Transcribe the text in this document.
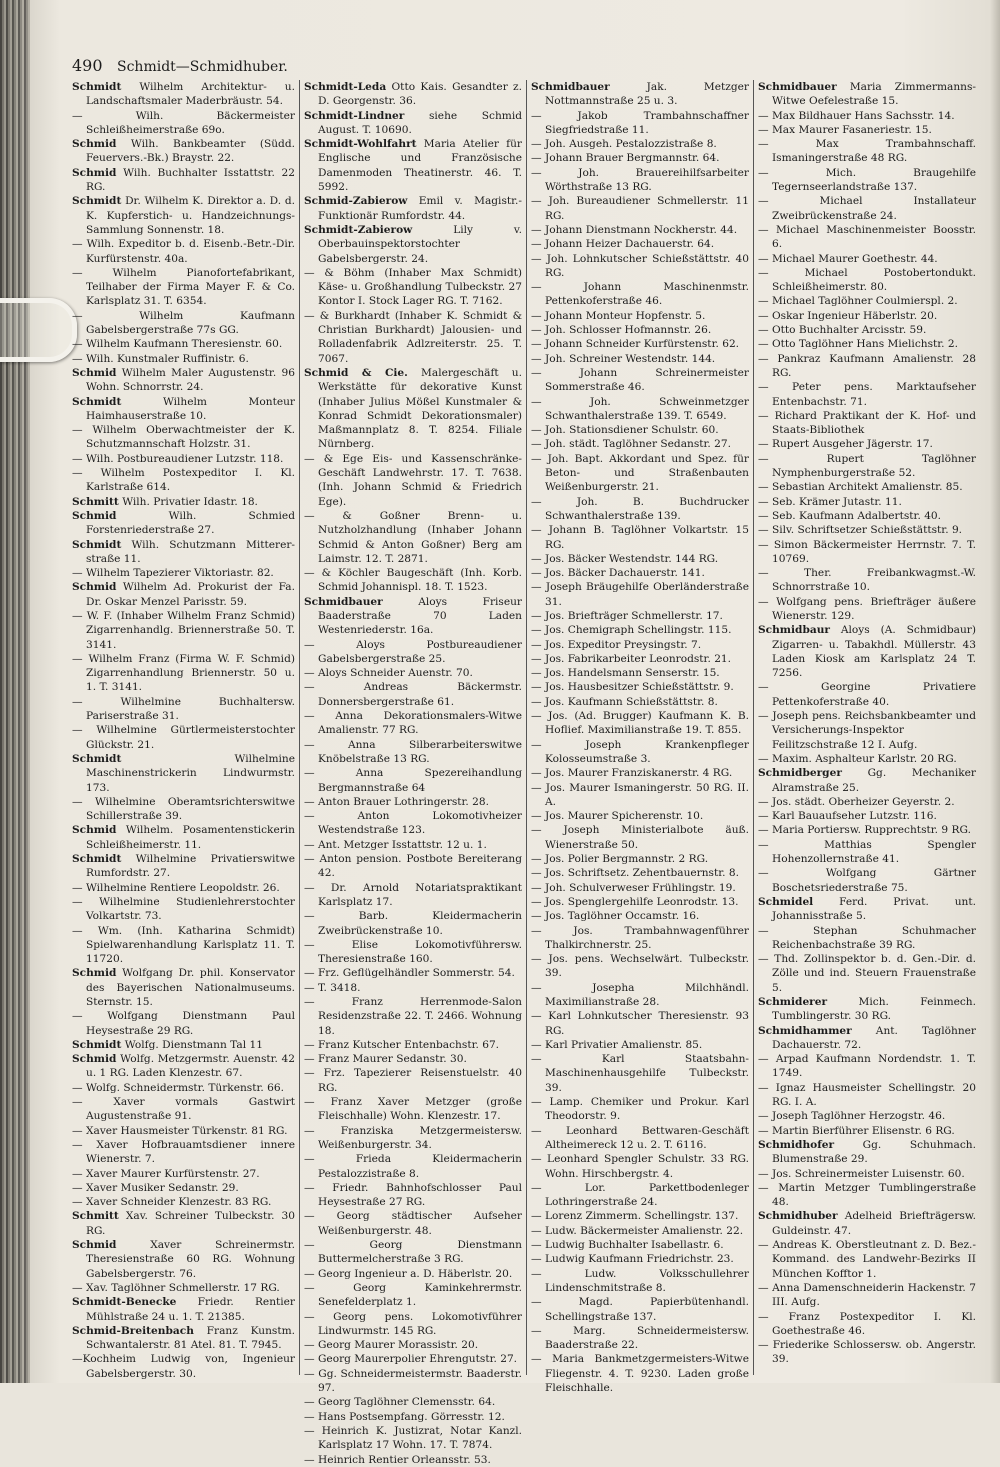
490 Schmidt—Schmidhuber.
Schmidt Wilhelm Architektur- u. Landschaftsmaler Maderbräustr. 54.
— Wilh. Bäckermeister Schleißheimerstraße 69o.
Schmid Wilh. Bankbeamter (Südd. Feuervers.-Bk.) Braystr. 22.
Schmid Wilh. Buchhalter Isstattstr. 22 RG.
Schmidt Dr. Wilhelm K. Direktor a. D. d. K. Kupferstich- u. Handzeichnungs-Sammlung Sonnenstr. 18.
— Wilh. Expeditor b. d. Eisenb.-Betr.-Dir. Kurfürstenstr. 40a.
— Wilhelm Pianofortefabrikant, Teilhaber der Firma Mayer F. & Co. Karlsplatz 31. T. 6354.
— Wilhelm Kaufmann Gabelsbergerstraße 77s GG.
— Wilhelm Kaufmann Theresienstr. 60.
— Wilh. Kunstmaler Ruffinistr. 6.
Schmid Wilhelm Maler Augustenstr. 96 Wohn. Schnorrstr. 24.
Schmidt	Wilhelm Monteur Haimhauserstraße 10.
— Wilhelm Oberwachtmeister der K. Schutzmannschaft Holzstr. 31.
— Wilh. Postbureaudiener Lutzstr. 118.
— Wilhelm Postexpeditor I. Kl. Karlstraße 614.
Schmitt Wilh. Privatier Idastr. 18.
Schmid	Wilh. Schmied Forstenriederstraße 27.
Schmidt Wilh. Schutzmann Mitterer-straße 11.
— Wilhelm Tapezierer Viktoriastr. 82.
Schmid Wilhelm Ad. Prokurist der Fa. Dr. Oskar Menzel Parisstr. 59.
— W. F. (Inhaber Wilhelm Franz Schmid) Zigarrenhandlg. Briennerstraße 50. T. 3141.
— Wilhelm Franz (Firma W. F. Schmid) Zigarrenhandlung Briennerstr. 50 u. 1. T. 3141.
— Wilhelmine Buchhaltersw. Pariserstraße 31.
— Wilhelmine Gürtlermeisterstochter Glückstr. 21.
Schmidt	Wilhelmine Maschinenstrickerin Lindwurmstr. 173.
— Wilhelmine Oberamtsrichterswitwe Schillerstraße 39.
Schmid Wilhelm. Posamentenstickerin Schleißheimerstr. 11.
Schmidt Wilhelmine Privatierswitwe Rumfordstr. 27.
— Wilhelmine Rentiere Leopoldstr. 26.
— Wilhelmine Studienlehrerstochter Volkartstr. 73.
— Wm. (Inh. Katharina Schmidt) Spielwarenhandlung Karlsplatz 11. T. 11720.
Schmid Wolfgang Dr. phil. Konservator des Bayerischen Nationalmuseums. Sternstr. 15.
— Wolfgang Dienstmann Paul Heysestraße 29 RG.
Schmidt Wolfg. Dienstmann Tal 11
Schmid Wolfg. Metzgermstr. Auenstr. 42 u. 1 RG. Laden Klenzestr. 67.
— Wolfg. Schneidermstr. Türkenstr. 66.
— Xaver vormals Gastwirt Augustenstraße 91.
— Xaver Hausmeister Türkenstr. 81 RG.
— Xaver Hofbrauamtsdiener innere Wienerstr. 7.
— Xaver Maurer Kurfürstenstr. 27.
— Xaver Musiker Sedanstr. 29.
— Xaver Schneider Klenzestr. 83 RG.
Schmitt Xav. Schreiner Tulbeckstr. 30 RG.
Schmid	Xaver Schreinermstr. Theresienstraße 60 RG. Wohnung Gabelsbergerstr. 76.
— Xav. Taglöhner Schmellerstr. 17 RG.
Schmidt-Benecke Friedr. Rentier Mühlstraße 24 u. 1. T. 21385.
Schmid-Breitenbach Franz Kunstm. Schwantalerstr. 81 Atel. 81. T. 7945.
—Kochheim Ludwig von, Ingenieur Gabelsbergerstr. 30.
Schmidt-Leda Otto Kais. Gesandter z. D. Georgenstr. 36.
Schmidt-Lindner siehe Schmid August. T. 10690.
Schmidt-Wohlfahrt Maria Atelier für Englische und Französische Damenmoden Theatinerstr. 46. T. 5992.
Schmid-Zabierow Emil v. Magistr.-Funktionär Rumfordstr. 44.
Schmidt-Zabierow	Lily v. Oberbauinspektorstochter Gabelsbergerstr. 24.
— & Böhm (Inhaber Max Schmidt) Käse- u. Großhandlung Tulbeckstr. 27 Kontor I. Stock Lager RG. T. 7162.
— & Burkhardt (Inhaber K. Schmidt & Christian Burkhardt) Jalousien- und Rolladenfabrik Adlzreiterstr. 25. T. 7067.
Schmid & Cie. Malergeschäft u. Werkstätte für dekorative Kunst (Inhaber Julius Mößel Kunstmaler & Konrad Schmidt Dekorationsmaler) Maßmannplatz 8. T. 8254. Filiale Nürnberg.
— & Ege Eis- und Kassenschränke-Geschäft Landwehrstr. 17. T. 7638. (Inh. Johann Schmid & Friedrich Ege).
— & Goßner Brenn- u. Nutzholzhandlung (Inhaber Johann Schmid & Anton Goßner) Berg am Laimstr. 12. T. 2871.
— & Köchler Baugeschäft (Inh. Korb. Schmid Johannispl. 18. T. 1523.
Schmidbauer	Aloys Friseur Baaderstraße 70 Laden Westenriederstr. 16a.
— Aloys Postbureaudiener Gabelsbergerstraße 25.
— Aloys Schneider Auenstr. 70.
— Andreas Bäckermstr. Donnersbergerstraße 61.
— Anna Dekorationsmalers-Witwe Amalienstr. 77 RG.
— Anna Silberarbeiterswitwe Knöbelstraße 13 RG.
— Anna Spezereihandlung Bergmannstraße 64
— Anton Brauer Lothringerstr. 28.
— Anton Lokomotivheizer Westendstraße 123.
— Ant. Metzger Isstattstr. 12 u. 1.
— Anton pension. Postbote Bereiterang 42.
— Dr. Arnold Notariatspraktikant Karlsplatz 17.
— Barb. Kleidermacherin Zweibrückenstraße 10.
— Elise Lokomotivführersw. Theresienstraße 160.
— Frz. Geflügelhändler Sommerstr. 54.
— T. 3418.
— Franz Herrenmode-Salon Residenzstraße 22. T. 2466. Wohnung 18.
— Franz Kutscher Entenbachstr. 67.
— Franz Maurer Sedanstr. 30.
— Frz. Tapezierer Reisenstuelstr. 40 RG.
— Franz Xaver Metzger (große Fleischhalle) Wohn. Klenzestr. 17.
— Franziska Metzgermeistersw. Weißenburgerstr. 34.
— Frieda Kleidermacherin Pestalozzistraße 8.
— Friedr. Bahnhofschlosser Paul Heysestraße 27 RG.
— Georg städtischer Aufseher Weißenburgerstr. 48.
— Georg Dienstmann Buttermelcherstraße 3 RG.
— Georg Ingenieur a. D. Häberlstr. 20.
— Georg Kaminkehrermstr. Senefelderplatz 1.
— Georg pens. Lokomotivführer Lindwurmstr. 145 RG.
— Georg Maurer Morassistr. 20.
— Georg Maurerpolier Ehrengutstr. 27.
— Gg. Schneidermeistermstr. Baaderstr. 97.
— Georg Taglöhner Clemensstr. 64.
— Hans Postsempfang. Görresstr. 12.
— Heinrich K. Justizrat, Notar Kanzl. Karlsplatz 17 Wohn. 17. T. 7874.
— Heinrich Rentier Orleansstr. 53.
Schmidbauer	Jak. Metzger Nottmannstraße 25 u. 3.
— Jakob Trambahnschaffner Siegfriedstraße 11.
— Joh. Ausgeh. Pestalozzistraße 8.
— Johann Brauer Bergmannstr. 64.
— Joh. Brauereihilfsarbeiter Wörthstraße 13 RG.
— Joh. Bureaudiener Schmellerstr. 11 RG.
— Johann Dienstmann Nockherstr. 44.
— Johann Heizer Dachauerstr. 64.
— Joh. Lohnkutscher Schießstättstr. 40 RG.
— Johann Maschinenmstr. Pettenkoferstraße 46.
— Johann Monteur Hopfenstr. 5.
— Joh. Schlosser Hofmannstr. 26.
— Johann Schneider Kurfürstenstr. 62.
— Joh. Schreiner Westendstr. 144.
— Johann Schreinermeister Sommerstraße 46.
— Joh. Schweinmetzger Schwanthalerstraße 139. T. 6549.
— Joh. Stationsdiener Schulstr. 60.
— Joh. städt. Taglöhner Sedanstr. 27.
— Joh. Bapt. Akkordant und Spez. für Beton- und Straßenbauten Weißenburgerstr. 21.
— Joh. B. Buchdrucker Schwanthalerstraße 139.
— Johann B. Taglöhner Volkartstr. 15 RG.
— Jos. Bäcker Westendstr. 144 RG.
— Jos. Bäcker Dachauerstr. 141.
— Joseph Bräugehilfe Oberländerstraße 31.
— Jos. Briefträger Schmellerstr. 17.
— Jos. Chemigraph Schellingstr. 115.
— Jos. Expeditor Preysingstr. 7.
— Jos. Fabrikarbeiter Leonrodstr. 21.
— Jos. Handelsmann Senserstr. 15.
— Jos. Hausbesitzer Schießstättstr. 9.
— Jos. Kaufmann Schießstättstr. 8.
— Jos. (Ad. Brugger) Kaufmann K. B. Hoflief. Maximilianstraße 19. T. 855.
— Joseph Krankenpfleger Kolosseumstraße 3.
— Jos. Maurer Franziskanerstr. 4 RG.
— Jos. Maurer Ismaningerstr. 50 RG. II. A.
— Jos. Maurer Spicherenstr. 10.
— Joseph Ministerialbote äuß. Wienerstraße 50.
— Jos. Polier Bergmannstr. 2 RG.
— Jos. Schriftsetz. Zehentbauernstr. 8.
— Joh. Schulverweser Frühlingstr. 19.
— Jos. Spenglergehilfe Leonrodstr. 13.
— Jos. Taglöhner Occamstr. 16.
— Jos. Trambahnwagenführer Thalkirchnerstr. 25.
— Jos. pens. Wechselwärt. Tulbeckstr. 39.
— Josepha Milchhändl. Maximilianstraße 28.
— Karl Lohnkutscher Theresienstr. 93 RG.
— Karl Privatier Amalienstr. 85.
— Karl Staatsbahn-Maschinenhausgehilfe Tulbeckstr. 39.
— Lamp. Chemiker und Prokur. Karl Theodorstr. 9.
— Leonhard Bettwaren-Geschäft Altheimereck 12 u. 2. T. 6116.
— Leonhard Spengler Schulstr. 33 RG. Wohn. Hirschbergstr. 4.
— Lor. Parkettbodenleger Lothringerstraße 24.
— Lorenz Zimmerm. Schellingstr. 137.
— Ludw. Bäckermeister Amalienstr. 22.
— Ludwig Buchhalter Isabellastr. 6.
— Ludwig Kaufmann Friedrichstr. 23.
— Ludw. Volksschullehrer Lindenschmitstraße 8.
— Magd. Papierbütenhandl. Schellingstraße 137.
— Marg. Schneidermeistersw. Baaderstraße 22.
— Maria Bankmetzgermeisters-Witwe Fliegenstr. 4. T. 9230. Laden große Fleischhalle.
Schmidbauer Maria Zimmermanns-Witwe Oefelestraße 15.
— Max Bildhauer Hans Sachsstr. 14.
— Max Maurer Fasaneriestr. 15.
— Max Trambahnschaff. Ismaningerstraße 48 RG.
— Mich. Braugehilfe Tegernseerlandstraße 137.
— Michael Installateur Zweibrückenstraße 24.
— Michael Maschinenmeister Boosstr. 6.
— Michael Maurer Goethestr. 44.
— Michael Postobertondukt. Schleißheimerstr. 80.
— Michael Taglöhner Coulmierspl. 2.
— Oskar Ingenieur Häberlstr. 20.
— Otto Buchhalter Arcisstr. 59.
— Otto Taglöhner Hans Mielichstr. 2.
— Pankraz Kaufmann Amalienstr. 28 RG.
— Peter pens. Marktaufseher Entenbachstr. 71.
— Richard Praktikant der K. Hof- und Staats-Bibliothek
— Rupert Ausgeher Jägerstr. 17.
— Rupert Taglöhner Nymphenburgerstraße 52.
— Sebastian Architekt Amalienstr. 85.
— Seb. Krämer Jutastr. 11.
— Seb. Kaufmann Adalbertstr. 40.
— Silv. Schriftsetzer Schießstättstr. 9.
— Simon Bäckermeister Herrnstr. 7. T. 10769.
— Ther. Freibankwagmst.-W. Schnorrstraße 10.
— Wolfgang pens. Briefträger äußere Wienerstr. 129.
Schmidbaur Aloys (A. Schmidbaur) Zigarren- u. Tabakhdl. Müllerstr. 43 Laden Kiosk am Karlsplatz 24 T. 7256.
— Georgine Privatiere Pettenkoferstraße 40.
— Joseph pens. Reichsbankbeamter und Versicherungs-Inspektor Feilitzschstraße 12 I. Aufg.
— Maxim. Asphalteur Karlstr. 20 RG.
Schmidberger Gg. Mechaniker Alramstraße 25.
— Jos. städt. Oberheizer Geyerstr. 2.
— Karl Bauaufseher Lutzstr. 116.
— Maria Portiersw. Rupprechtstr. 9 RG.
— Matthias Spengler Hohenzollernstraße 41.
— Wolfgang Gärtner Boschetsriederstraße 75.
Schmidel Ferd. Privat. unt. Johannisstraße 5.
— Stephan Schuhmacher Reichenbachstraße 39 RG.
— Thd. Zollinspektor b. d. Gen.-Dir. d. Zölle und ind. Steuern Frauenstraße 5.
Schmiderer	Mich. Feinmech. Tumblingerstr. 30 RG.
Schmidhammer Ant. Taglöhner Dachauerstr. 72.
— Arpad Kaufmann Nordendstr. 1. T. 1749.
— Ignaz Hausmeister Schellingstr. 20 RG. I. A.
— Joseph Taglöhner Herzogstr. 46.
— Martin Bierführer Elisenstr. 6 RG.
Schmidhofer	Gg. Schuhmach. Blumenstraße 29.
— Jos. Schreinermeister Luisenstr. 60.
— Martin Metzger Tumblingerstraße 48.
Schmidhuber Adelheid Briefträgersw. Guldeinstr. 47.
— Andreas K. Oberstleutnant z. D. Bez.-Kommand. des Landwehr-Bezirks II München Kofftor 1.
— Anna Damenschneiderin Hackenstr. 7 III. Aufg.
— Franz Postexpeditor I. Kl. Goethestraße 46.
— Friederike Schlossersw. ob. Angerstr. 39.
